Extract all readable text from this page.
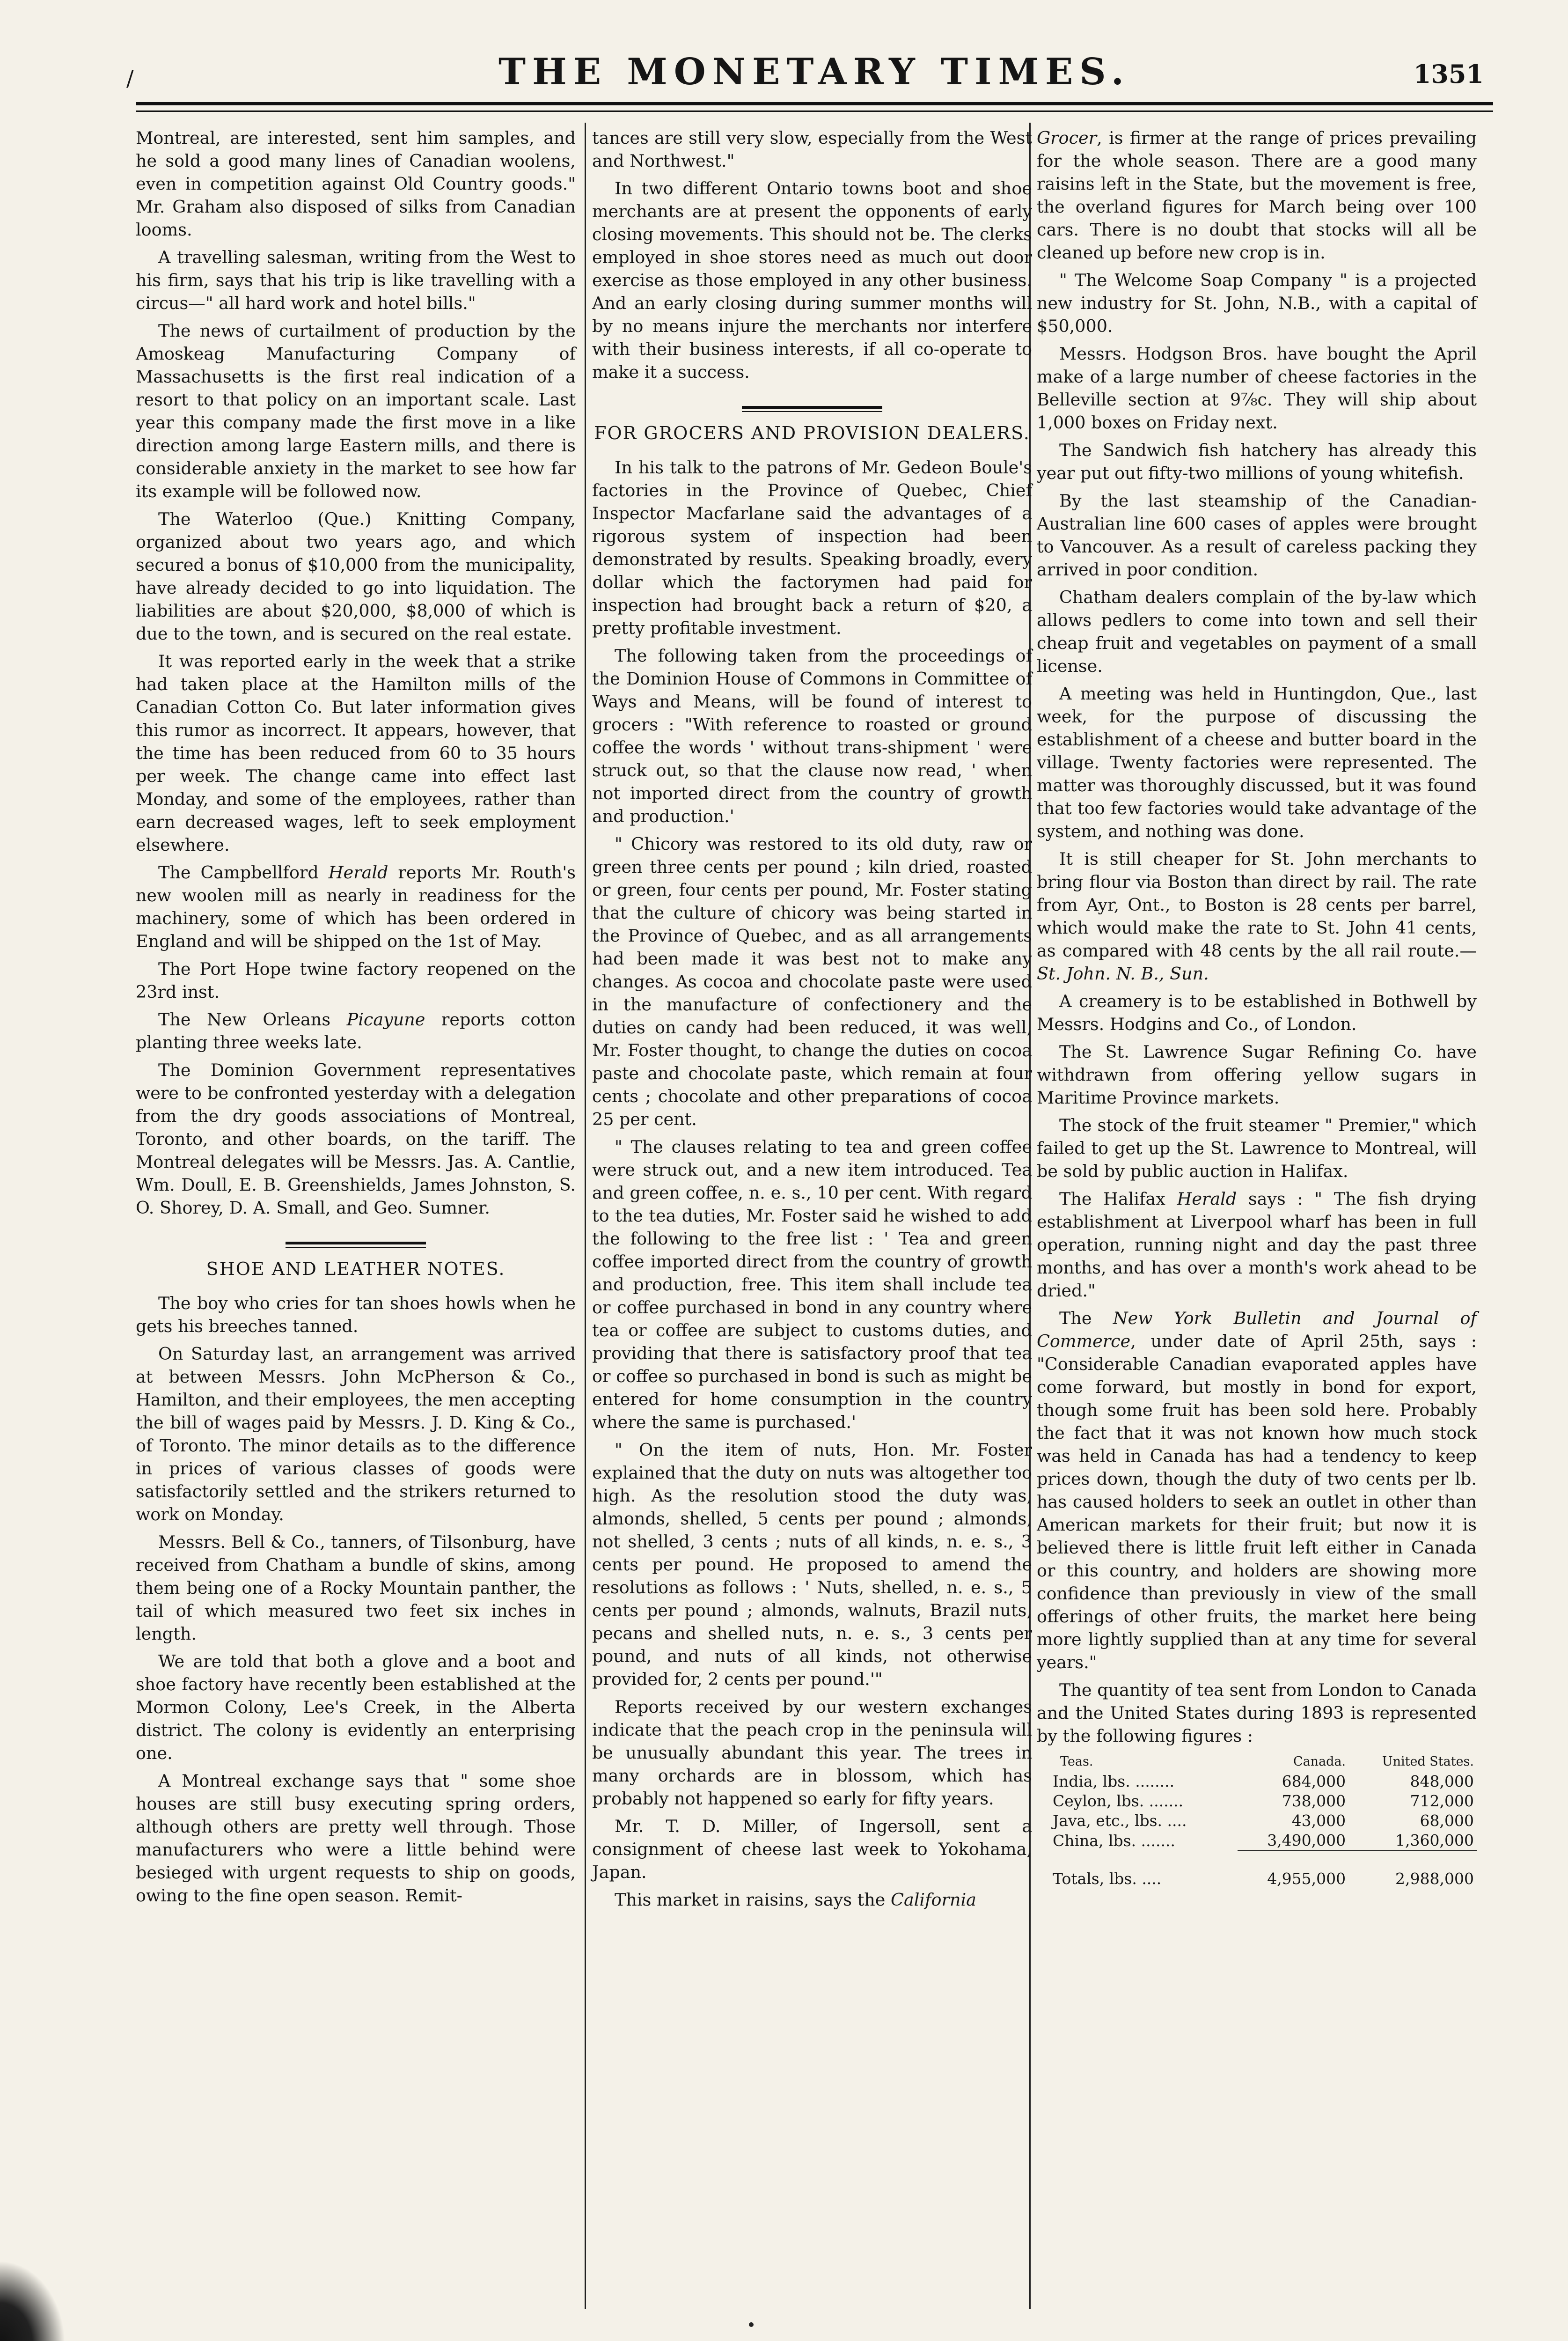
/	THE MONETARY TIMES.	1351

Montreal, are interested, sent him samples, and he sold a good many lines of Canadian woolens, even in competition against Old Country goods." Mr. Graham also disposed of silks from Canadian looms.

A travelling salesman, writing from the West to his firm, says that his trip is like travelling with a circus—" all hard work and hotel bills."

The news of curtailment of production by the Amoskeag Manufacturing Company of Massachusetts is the first real indication of a resort to that policy on an important scale. Last year this company made the first move in a like direction among large Eastern mills, and there is considerable anxiety in the market to see how far its example will be followed now.

The Waterloo (Que.) Knitting Company, organized about two years ago, and which secured a bonus of $10,000 from the municipality, have already decided to go into liquidation. The liabilities are about $20,000, $8,000 of which is due to the town, and is secured on the real estate.

It was reported early in the week that a strike had taken place at the Hamilton mills of the Canadian Cotton Co. But later information gives this rumor as incorrect. It appears, however, that the time has been reduced from 60 to 35 hours per week. The change came into effect last Monday, and some of the employees, rather than earn decreased wages, left to seek employment elsewhere.

The Campbellford Herald reports Mr. Routh's new woolen mill as nearly in readiness for the machinery, some of which has been ordered in England and will be shipped on the 1st of May.

The Port Hope twine factory reopened on the 23rd inst.

The New Orleans Picayune reports cotton planting three weeks late.

The Dominion Government representatives were to be confronted yesterday with a delegation from the dry goods associations of Montreal, Toronto, and other boards, on the tariff. The Montreal delegates will be Messrs. Jas. A. Cantlie, Wm. Doull, E. B. Greenshields, James Johnston, S. O. Shorey, D. A. Small, and Geo. Sumner.

SHOE AND LEATHER NOTES.

The boy who cries for tan shoes howls when he gets his breeches tanned.

On Saturday last, an arrangement was arrived at between Messrs. John McPherson & Co., Hamilton, and their employees, the men accepting the bill of wages paid by Messrs. J. D. King & Co., of Toronto. The minor details as to the difference in prices of various classes of goods were satisfactorily settled and the strikers returned to work on Monday.

Messrs. Bell & Co., tanners, of Tilsonburg, have received from Chatham a bundle of skins, among them being one of a Rocky Mountain panther, the tail of which measured two feet six inches in length.

We are told that both a glove and a boot and shoe factory have recently been established at the Mormon Colony, Lee's Creek, in the Alberta district. The colony is evidently an enterprising one.

A Montreal exchange says that " some shoe houses are still busy executing spring orders, although others are pretty well through. Those manufacturers who were a little behind were besieged with urgent requests to ship on goods, owing to the fine open season. Remit-

tances are still very slow, especially from the West and Northwest."

In two different Ontario towns boot and shoe merchants are at present the opponents of early closing movements. This should not be. The clerks employed in shoe stores need as much out door exercise as those employed in any other business. And an early closing during summer months will by no means injure the merchants nor interfere with their business interests, if all co-operate to make it a success.

FOR GROCERS AND PROVISION DEALERS.

In his talk to the patrons of Mr. Gedeon Boule's factories in the Province of Quebec, Chief Inspector Macfarlane said the advantages of a rigorous system of inspection had been demonstrated by results. Speaking broadly, every dollar which the factorymen had paid for inspection had brought back a return of $20, a pretty profitable investment.

The following taken from the proceedings of the Dominion House of Commons in Committee of Ways and Means, will be found of interest to grocers : "With reference to roasted or ground coffee the words ' without trans-shipment ' were struck out, so that the clause now read, ' when not imported direct from the country of growth and production.'

" Chicory was restored to its old duty, raw or green three cents per pound ; kiln dried, roasted or green, four cents per pound, Mr. Foster stating that the culture of chicory was being started in the Province of Quebec, and as all arrangements had been made it was best not to make any changes. As cocoa and chocolate paste were used in the manufacture of confectionery and the duties on candy had been reduced, it was well, Mr. Foster thought, to change the duties on cocoa paste and chocolate paste, which remain at four cents ; chocolate and other preparations of cocoa 25 per cent.

" The clauses relating to tea and green coffee were struck out, and a new item introduced. Tea and green coffee, n. e. s., 10 per cent. With regard to the tea duties, Mr. Foster said he wished to add the following to the free list : ' Tea and green coffee imported direct from the country of growth and production, free. This item shall include tea or coffee purchased in bond in any country where tea or coffee are subject to customs duties, and providing that there is satisfactory proof that tea or coffee so purchased in bond is such as might be entered for home consumption in the country where the same is purchased.'

" On the item of nuts, Hon. Mr. Foster explained that the duty on nuts was altogether too high. As the resolution stood the duty was, almonds, shelled, 5 cents per pound ; almonds, not shelled, 3 cents ; nuts of all kinds, n. e. s., 3 cents per pound. He proposed to amend the resolutions as follows : ' Nuts, shelled, n. e. s., 5 cents per pound ; almonds, walnuts, Brazil nuts, pecans and shelled nuts, n. e. s., 3 cents per pound, and nuts of all kinds, not otherwise provided for, 2 cents per pound.'"

Reports received by our western exchanges indicate that the peach crop in the peninsula will be unusually abundant this year. The trees in many orchards are in blossom, which has probably not happened so early for fifty years.

Mr. T. D. Miller, of Ingersoll, sent a consignment of cheese last week to Yokohama, Japan.

This market in raisins, says the California

Grocer, is firmer at the range of prices prevailing for the whole season. There are a good many raisins left in the State, but the movement is free, the overland figures for March being over 100 cars. There is no doubt that stocks will all be cleaned up before new crop is in.

" The Welcome Soap Company " is a projected new industry for St. John, N.B., with a capital of $50,000.

Messrs. Hodgson Bros. have bought the April make of a large number of cheese factories in the Belleville section at 9⅞c. They will ship about 1,000 boxes on Friday next.

The Sandwich fish hatchery has already this year put out fifty-two millions of young whitefish.

By the last steamship of the Canadian-Australian line 600 cases of apples were brought to Vancouver. As a result of careless packing they arrived in poor condition.

Chatham dealers complain of the by-law which allows pedlers to come into town and sell their cheap fruit and vegetables on payment of a small license.

A meeting was held in Huntingdon, Que., last week, for the purpose of discussing the establishment of a cheese and butter board in the village. Twenty factories were represented. The matter was thoroughly discussed, but it was found that too few factories would take advantage of the system, and nothing was done.

It is still cheaper for St. John merchants to bring flour via Boston than direct by rail. The rate from Ayr, Ont., to Boston is 28 cents per barrel, which would make the rate to St. John 41 cents, as compared with 48 cents by the all rail route.—St. John. N. B., Sun.

A creamery is to be established in Bothwell by Messrs. Hodgins and Co., of London.

The St. Lawrence Sugar Refining Co. have withdrawn from offering yellow sugars in Maritime Province markets.

The stock of the fruit steamer " Premier," which failed to get up the St. Lawrence to Montreal, will be sold by public auction in Halifax.

The Halifax Herald says : " The fish drying establishment at Liverpool wharf has been in full operation, running night and day the past three months, and has over a month's work ahead to be dried."

The New York Bulletin and Journal of Commerce, under date of April 25th, says : "Considerable Canadian evaporated apples have come forward, but mostly in bond for export, though some fruit has been sold here. Probably the fact that it was not known how much stock was held in Canada has had a tendency to keep prices down, though the duty of two cents per lb. has caused holders to seek an outlet in other than American markets for their fruit; but now it is believed there is little fruit left either in Canada or this country, and holders are showing more confidence than previously in view of the small offerings of other fruits, the market here being more lightly supplied than at any time for several years."

The quantity of tea sent from London to Canada and the United States during 1893 is represented by the following figures :

Teas.	Canada.	United States.
India, lbs. ........	684,000	848,000
Ceylon, lbs. .......	738,000	712,000
Java, etc., lbs. ....	43,000	68,000
China, lbs. .......	3,490,000	1,360,000
Totals, lbs. ....	4,955,000	2,988,000
